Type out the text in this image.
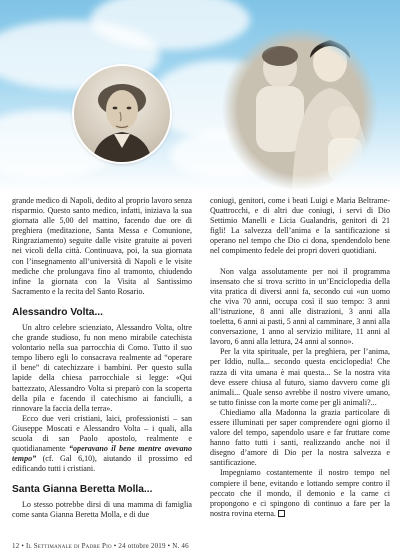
grande medico di Napoli, dedito al proprio lavoro senza risparmio. Questo santo medico, infatti, iniziava la sua giornata alle 5,00 del mattino, facendo due ore di preghiera (meditazione, Santa Messa e Comunione, Ringraziamento) seguite dalle visite gratuite ai poveri nei vicoli della città. Continuava, poi, la sua giornata con l’insegnamento all’università di Napoli e le visite mediche che prolungava fino al tramonto, chiudendo infine la giornata con la Visita al Santissimo Sacramento e la recita del Santo Rosario.

Alessandro Volta...

Un altro celebre scienziato, Alessandro Volta, oltre che grande studioso, fu non meno mirabile catechista volontario nella sua parrocchia di Como. Tutto il suo tempo libero egli lo consacrava realmente ad “operare il bene” di catechizzare i bambini. Per questo sulla lapide della chiesa parrocchiale si legge: «Qui battezzato, Alessandro Volta si preparò con la scoperta della pila e facendo il catechismo ai fanciulli, a rinnovare la faccia della terra».

Ecco due veri cristiani, laici, professionisti – san Giuseppe Moscati e Alessandro Volta – i quali, alla scuola di san Paolo apostolo, realmente e quotidianamente “operavano il bene mentre avevano tempo” (cf. Gal 6,10), aiutando il prossimo ed edificando tutti i cristiani.

Santa Gianna Beretta Molla...

Lo stesso potrebbe dirsi di una mamma di famiglia come santa Gianna Beretta Molla, e di due

coniugi, genitori, come i beati Luigi e Maria Beltrame-Quattrocchi, e di altri due coniugi, i servi di Dio Settimio Manelli e Licia Gualandris, genitori di 21 figli! La salvezza dell’anima e la santificazione si operano nel tempo che Dio ci dona, spendendolo bene nel compimento fedele dei propri doveri quotidiani.

Non valga assolutamente per noi il programma insensato che si trova scritto in un’Enciclopedia della vita pratica di diversi anni fa, secondo cui «un uomo che viva 70 anni, occupa così il suo tempo: 3 anni all’istruzione, 8 anni alle distrazioni, 3 anni alla toeletta, 6 anni ai pasti, 5 anni al camminare, 3 anni alla conversazione, 1 anno al servizio militare, 11 anni al lavoro, 6 anni alla lettura, 24 anni al sonno».

Per la vita spirituale, per la preghiera, per l’anima, per Iddio, nulla... secondo questa enciclopedia! Che razza di vita umana è mai questa... Se la nostra vita deve essere chiusa al futuro, siamo davvero come gli animali... Quale senso avrebbe il nostro vivere umano, se tutto finisse con la morte come per gli animali?...

Chiediamo alla Madonna la grazia particolare di essere illuminati per saper comprendere ogni giorno il valore del tempo, sapendolo usare e far fruttare come hanno fatto tutti i santi, realizzando anche noi il disegno d’amore di Dio per la nostra salvezza e santificazione.

Impegniamo costantemente il nostro tempo nel compiere il bene, evitando e lottando sempre contro il peccato che il mondo, il demonio e la carne ci propongono e ci spingono di continuo a fare per la nostra rovina eterna.

12 • Il Settimanale di Padre Pio • 24 ottobre 2019 • N. 46
